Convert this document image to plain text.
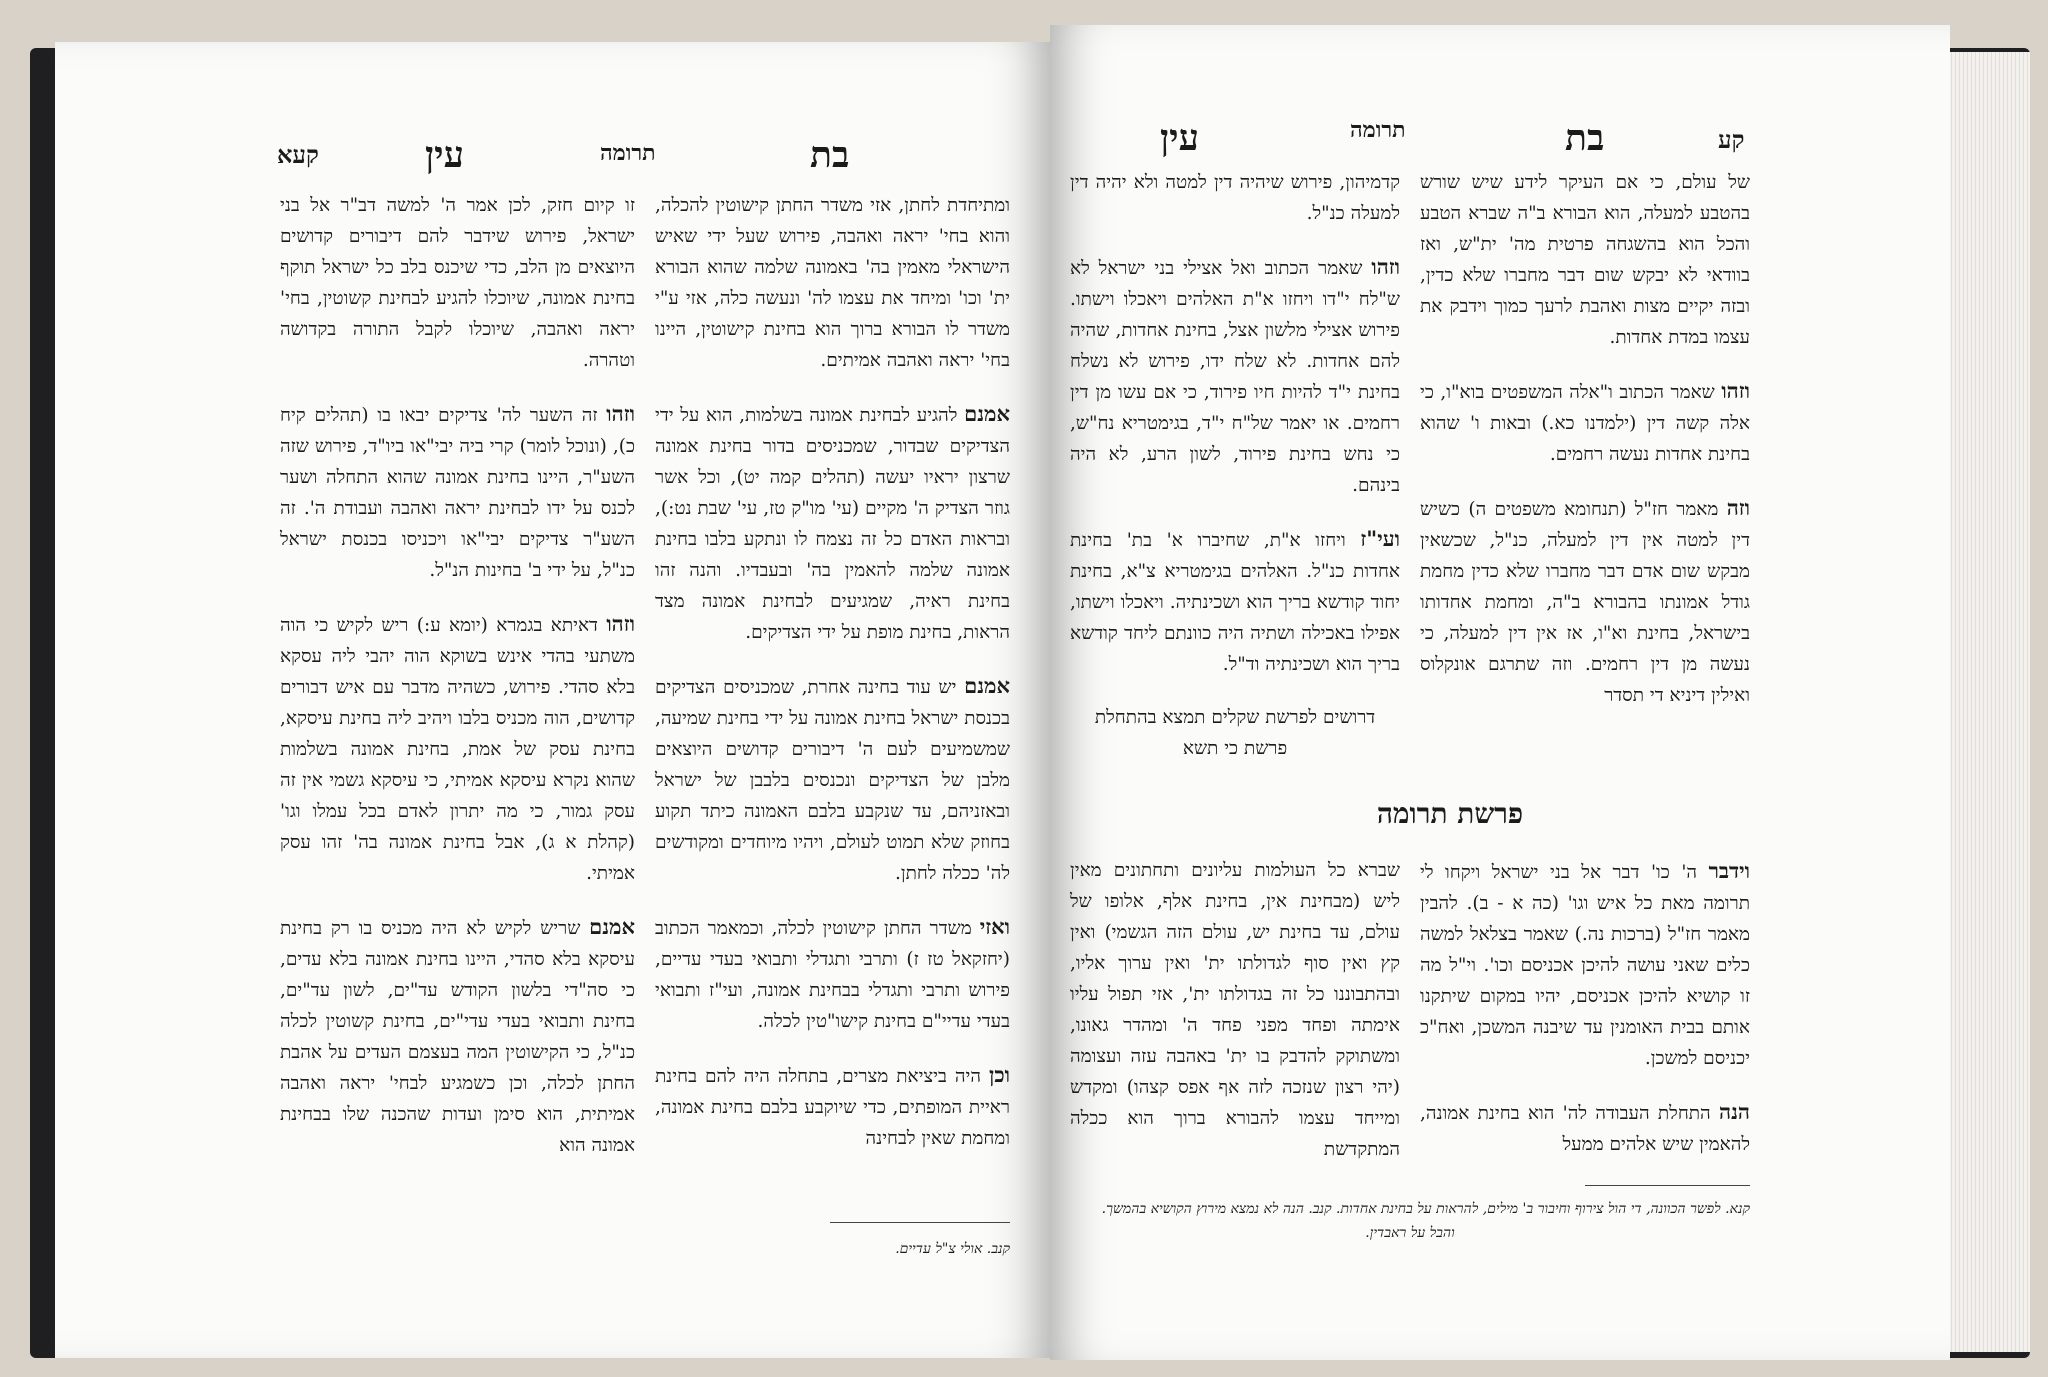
קעא	עין	תרומה	בת

ומתיחדת לחתן, אזי משדר החתן קישוטין להכלה, והוא בחי' יראה ואהבה, פירוש שעל ידי שאיש הישראלי מאמין בה' באמונה שלמה שהוא הבורא ית' וכו' ומיחד את עצמו לה' ונעשה כלה, אזי ע"י משדר לו הבורא ברוך הוא בחינת קישוטין, היינו בחי' יראה ואהבה אמיתים.

אמנם להגיע לבחינת אמונה בשלמות, הוא על ידי הצדיקים שבדור, שמכניסים בדור בחינת אמונה שרצון יראיו יעשה (תהלים קמה יט), וכל אשר גוזר הצדיק ה' מקיים (עי' מו"ק טז, עי' שבת נט:), ובראות האדם כל זה נצמח לו ונתקע בלבו בחינת אמונה שלמה להאמין בה' ובעבדיו. והנה זהו בחינת ראיה, שמגיעים לבחינת אמונה מצד הראות, בחינת מופת על ידי הצדיקים.

אמנם יש עוד בחינה אחרת, שמכניסים הצדיקים בכנסת ישראל בחינת אמונה על ידי בחינת שמיעה, שמשמיעים לעם ה' דיבורים קדושים היוצאים מלבן של הצדיקים ונכנסים בלבבן של ישראל ובאזניהם, עד שנקבע בלבם האמונה כיתד תקוע בחוזק שלא תמוט לעולם, ויהיו מיוחדים ומקודשים לה' ככלה לחתן.

ואזי משדר החתן קישוטין לכלה, וכמאמר הכתוב (יחזקאל טז ז) ותרבי ותגדלי ותבואי בעדי עדיים, פירוש ותרבי ותגדלי בבחינת אמונה, ועי"ז ותבואי בעדי עדיי"ם בחינת קישו"טין לכלה.

וכן היה ביציאת מצרים, בתחלה היה להם בחינת ראיית המופתים, כדי שיוקבע בלבם בחינת אמונה, ומחמת שאין לבחינה

זו קיום חזק, לכן אמר ה' למשה דב"ר אל בני ישראל, פירוש שידבר להם דיבורים קדושים היוצאים מן הלב, כדי שיכנס בלב כל ישראל תוקף בחינת אמונה, שיוכלו להגיע לבחינת קשוטין, בחי' יראה ואהבה, שיוכלו לקבל התורה בקדושה וטהרה.

וזהו זה השער לה' צדיקים יבאו בו (תהלים קיח כ), (ונוכל לומר) קרי ביה יבי"או ביו"ד, פירוש שזה השע"ר, היינו בחינת אמונה שהוא התחלה ושער לכנס על ידו לבחינת יראה ואהבה ועבודת ה'. זה השע"ר צדיקים יבי"או ויכניסו בכנסת ישראל כנ"ל, על ידי ב' בחינות הנ"ל.

וזהו דאיתא בגמרא (יומא ע:) ריש לקיש כי הוה משתעי בהדי אינש בשוקא הוה יהבי ליה עסקא בלא סהדי. פירוש, כשהיה מדבר עם איש דבורים קדושים, הוה מכניס בלבו ויהיב ליה בחינת עיסקא, בחינת עסק של אמת, בחינת אמונה בשלמות שהוא נקרא עיסקא אמיתי, כי עיסקא גשמי אין זה עסק גמור, כי מה יתרון לאדם בכל עמלו וגו' (קהלת א ג), אבל בחינת אמונה בה' זהו עסק אמיתי.

אמנם שריש לקיש לא היה מכניס בו רק בחינת עיסקא בלא סהדי, היינו בחינת אמונה בלא עדים, כי סה"די בלשון הקודש עד"ים, לשון עד"ים, בחינת ותבואי בעדי עדי"ים, בחינת קשוטין לכלה כנ"ל, כי הקישוטין המה בעצמם העדים על אהבת החתן לכלה, וכן כשמגיע לבחי' יראה ואהבה אמיתית, הוא סימן ועדות שהכנה שלו בבחינת אמונה הוא

קנב. אולי צ"ל עדיים.
עין	תרומה	בת	קע

של עולם, כי אם העיקר לידע שיש שורש בהטבע למעלה, הוא הבורא ב"ה שברא הטבע והכל הוא בהשגחה פרטית מה' ית"ש, ואז בוודאי לא יבקש שום דבר מחברו שלא כדין, ובזה יקיים מצות ואהבת לרעך כמוך וידבק את עצמו במדת אחדות.

וזהו שאמר הכתוב ו"אלה המשפטים בוא"ו, כי אלה קשה דין (ילמדנו כא.) ובאות ו' שהוא בחינת אחדות נעשה רחמים.

וזה מאמר חז"ל (תנחומא משפטים ה) כשיש דין למטה אין דין למעלה, כנ"ל, שכשאין מבקש שום אדם דבר מחברו שלא כדין מחמת גודל אמונתו בהבורא ב"ה, ומחמת אחדותו בישראל, בחינת וא"ו, אז אין דין למעלה, כי נעשה מן דין רחמים. וזה שתרגם אונקלוס ואילין דיניא די תסדר

קדמיהון, פירוש שיהיה דין למטה ולא יהיה דין למעלה כנ"ל.

וזהו שאמר הכתוב ואל אצילי בני ישראל לא ש"לח י"דו ויחזו א"ת האלהים ויאכלו וישתו. פירוש אצילי מלשון אצל, בחינת אחדות, שהיה להם אחדות. לא שלח ידו, פירוש לא נשלח בחינת י"ד להיות חיו פירוד, כי אם עשו מן דין רחמים. או יאמר של"ח י"ד, בגימטריא נח"ש, כי נחש בחינת פירוד, לשון הרע, לא היה בינהם.

ועי"ז ויחזו א"ת, שחיברו א' בת' בחינת אחדות כנ"ל. האלהים בגימטריא צ"א, בחינת יחוד קודשא בריך הוא ושכינתיה. ויאכלו וישתו, אפילו באכילה ושתיה היה כוונתם ליחד קודשא בריך הוא ושכינתיה וד"ל.

דרושים לפרשת שקלים תמצא בהתחלת
פרשת כי תשא
פרשת תרומה

וידבר ה' כו' דבר אל בני ישראל ויקחו לי תרומה מאת כל איש וגו' (כה א - ב). להבין מאמר חז"ל (ברכות נה.) שאמר בצלאל למשה כלים שאני עושה להיכן אכניסם וכו'. וי"ל מה זו קושיא להיכן אכניסם, יהיו במקום שיתקנו אותם בבית האומנין עד שיבנה המשכן, ואח"כ יכניסם למשכן.

הנה התחלת העבודה לה' הוא בחינת אמונה, להאמין שיש אלהים ממעל

שברא כל העולמות עליונים ותחתונים מאין ליש (מבחינת אין, בחינת אלף, אלופו של עולם, עד בחינת יש, עולם הזה הגשמי) ואין קץ ואין סוף לגדולתו ית' ואין ערוך אליו, ובהתבוננו כל זה בגדולתו ית', אזי תפול עליו אימתה ופחד מפני פחד ה' ומהדר גאונו, ומשתוקק להדבק בו ית' באהבה עזה ועצומה (יהי רצון שנזכה לזה אף אפס קצהו) ומקדש ומייחד עצמו להבורא ברוך הוא ככלה המתקדשת

קנא. לפשר הכוונה, די הול צירוף וחיבור ב' מילים, להראות על בחינת אחדות. קנב. הנה לא נמצא מירוץ הקושיא בהמשך.
והבל על ראבדין.
